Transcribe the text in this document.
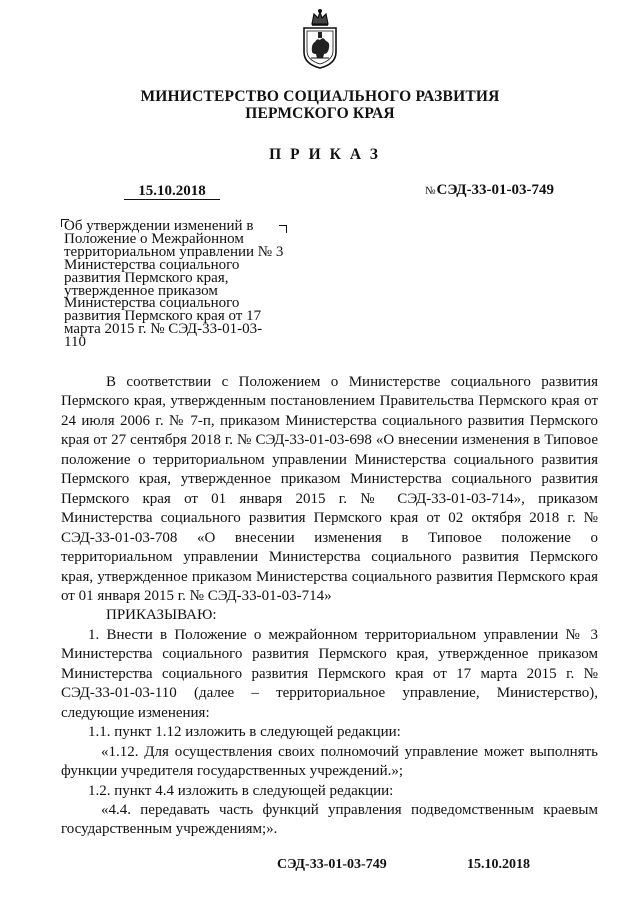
МИНИСТЕРСТВО СОЦИАЛЬНОГО РАЗВИТИЯ
ПЕРМСКОГО КРАЯ
ПРИКАЗ
15.10.2018	№СЭД-33-01-03-749

Об утверждении изменений в
Положение о Межрайонном
территориальном управлении № 3
Министерства социального
развития Пермского края,
утвержденное приказом
Министерства социального
развития Пермского края от 17
марта 2015 г. № СЭД-33-01-03-
110

В соответствии с Положением о Министерстве социального развития Пермского края, утвержденным постановлением Правительства Пермского края от 24 июля 2006 г. № 7-п, приказом Министерства социального развития Пермского края от 27 сентября 2018 г. № СЭД-33-01-03-698 «О внесении изменения в Типовое положение о территориальном управлении Министерства социального развития Пермского края, утвержденное приказом Министерства социального развития Пермского края от 01 января 2015 г. № СЭД-33-01-03-714», приказом Министерства социального развития Пермского края от 02 октября 2018 г. № СЭД-33-01-03-708 «О внесении изменения в Типовое положение о территориальном управлении Министерства социального развития Пермского края, утвержденное приказом Министерства социального развития Пермского края от 01 января 2015 г. № СЭД-33-01-03-714»

ПРИКАЗЫВАЮ:

1. Внести в Положение о межрайонном территориальном управлении № 3 Министерства социального развития Пермского края, утвержденное приказом Министерства социального развития Пермского края от 17 марта 2015 г. № СЭД-33-01-03-110 (далее – территориальное управление, Министерство), следующие изменения:

1.1. пункт 1.12 изложить в следующей редакции:

«1.12. Для осуществления своих полномочий управление может выполнять функции учредителя государственных учреждений.»;

1.2. пункт 4.4 изложить в следующей редакции:

«4.4. передавать часть функций управления подведомственным краевым государственным учреждениям;».

СЭД-33-01-03-749	15.10.2018
